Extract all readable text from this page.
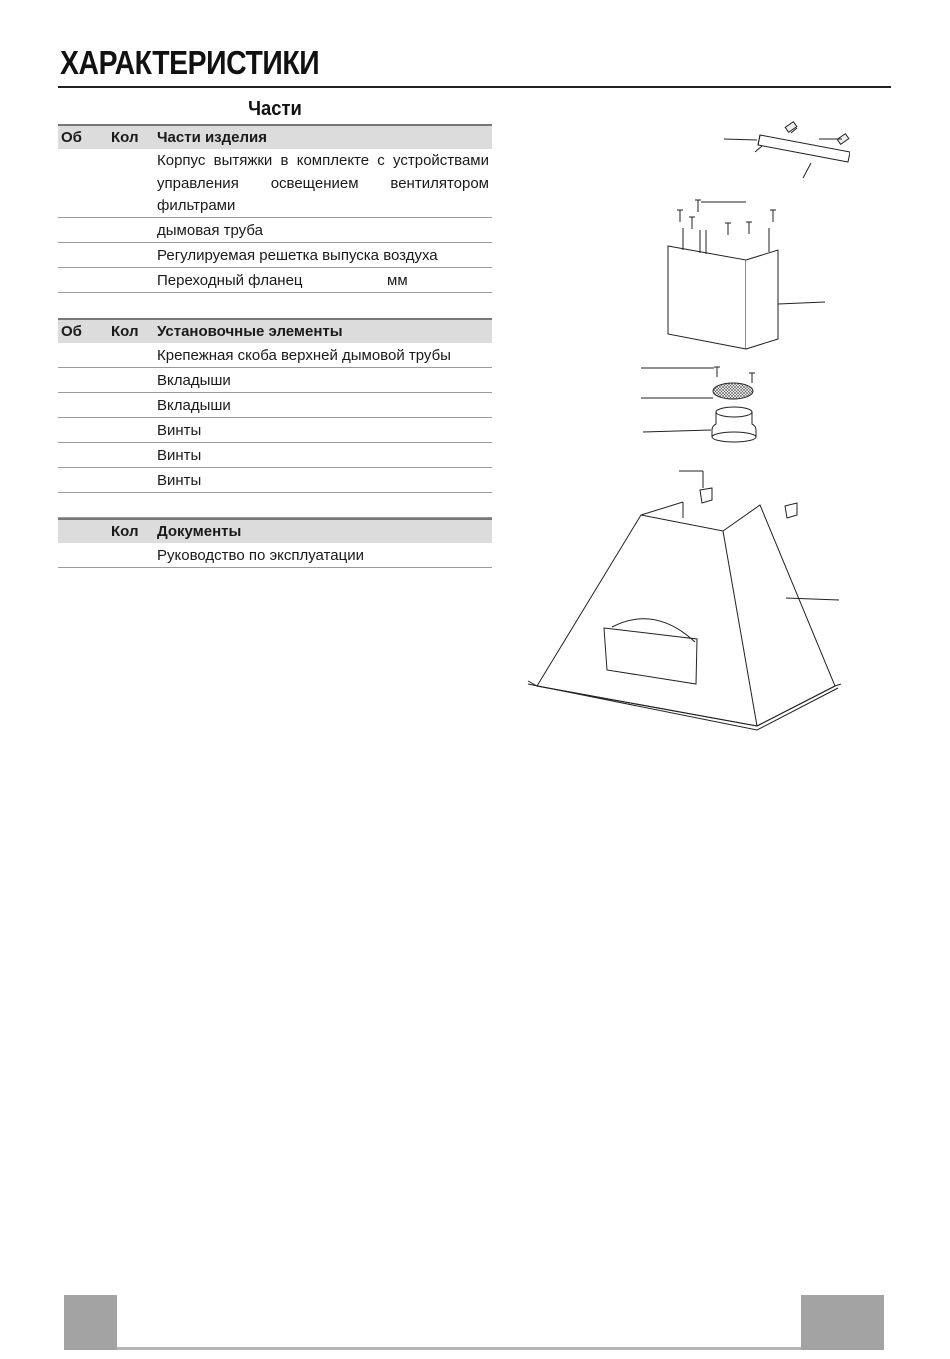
ХАРАКТЕРИСТИКИ
Части
Об Кол Части изделия
Корпус вытяжки в комплекте с устройствами управления освещением вентилятором фильтрами
дымовая труба
Регулируемая решетка выпуска воздуха
Переходный фланец	мм
Об Кол Установочные элементы
Крепежная скоба верхней дымовой трубы
Вкладыши
Вкладыши
Винты
Винты
Винты
Кол Документы
Руководство по эксплуатации
